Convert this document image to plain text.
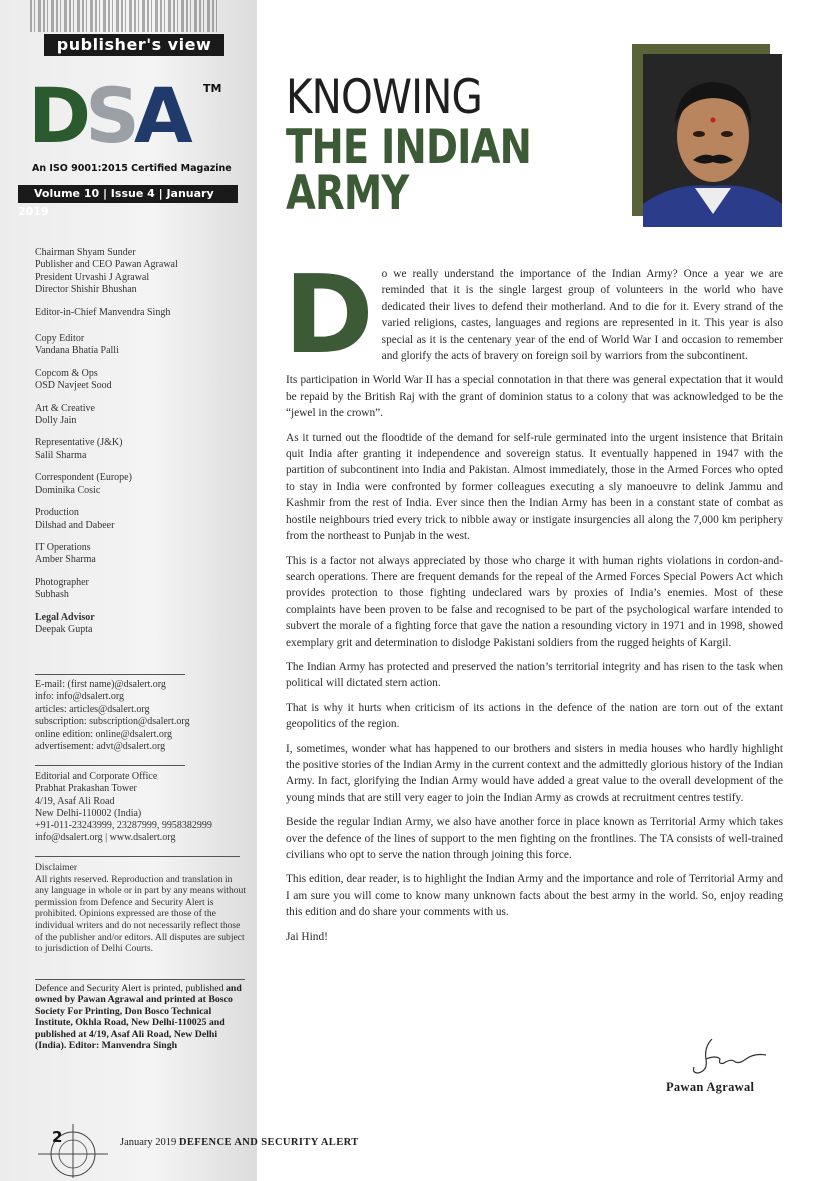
publisher's view
DSA TM
An ISO 9001:2015 Certified Magazine
Volume 10 | Issue 4 | January 2019

Chairman Shyam Sunder

Publisher and CEO Pawan Agrawal

President Urvashi J Agrawal

Director Shishir Bhushan

Editor-in-Chief Manvendra Singh

Copy Editor

Vandana Bhatia Palli

Copcom & Ops

OSD Navjeet Sood

Art & Creative

Dolly Jain

Representative (J&K)

Salil Sharma

Correspondent (Europe)

Dominika Cosic

Production

Dilshad and Dabeer

IT Operations

Amber Sharma

Photographer

Subhash

Legal Advisor

Deepak Gupta

E-mail: (first name)@dsalert.org

info: info@dsalert.org

articles: articles@dsalert.org

subscription: subscription@dsalert.org

online edition: online@dsalert.org

advertisement: advt@dsalert.org

Editorial and Corporate Office

Prabhat Prakashan Tower

4/19, Asaf Ali Road

New Delhi-110002 (India)

+91-011-23243999, 23287999, 9958382999

info@dsalert.org | www.dsalert.org

Disclaimer

All rights reserved. Reproduction and translation in any language in whole or in part by any means without permission from Defence and Security Alert is prohibited. Opinions expressed are those of the individual writers and do not necessarily reflect those of the publisher and/or editors. All disputes are subject to jurisdiction of Delhi Courts.

Defence and Security Alert is printed, published and owned by Pawan Agrawal and printed at Bosco Society For Printing, Don Bosco Technical Institute, Okhla Road, New Delhi-110025 and published at 4/19, Asaf Ali Road, New Delhi (India). Editor: Manvendra Singh
2	January 2019 DEFENCE AND SECURITY ALERT
KNOWING
THE INDIAN
ARMY

Do we really understand the importance of the Indian Army? Once a year we are reminded that it is the single largest group of volunteers in the world who have dedicated their lives to defend their motherland. And to die for it. Every strand of the varied religions, castes, languages and regions are represented in it. This year is also special as it is the centenary year of the end of World War I and occasion to remember and glorify the acts of bravery on foreign soil by warriors from the subcontinent.

Its participation in World War II has a special connotation in that there was general expectation that it would be repaid by the British Raj with the grant of dominion status to a colony that was acknowledged to be the “jewel in the crown”.

As it turned out the floodtide of the demand for self-rule germinated into the urgent insistence that Britain quit India after granting it independence and sovereign status. It eventually happened in 1947 with the partition of subcontinent into India and Pakistan. Almost immediately, those in the Armed Forces who opted to stay in India were confronted by former colleagues executing a sly manoeuvre to delink Jammu and Kashmir from the rest of India. Ever since then the Indian Army has been in a constant state of combat as hostile neighbours tried every trick to nibble away or instigate insurgencies all along the 7,000 km periphery from the northeast to Punjab in the west.

This is a factor not always appreciated by those who charge it with human rights violations in cordon-and-search operations. There are frequent demands for the repeal of the Armed Forces Special Powers Act which provides protection to those fighting undeclared wars by proxies of India’s enemies. Most of these complaints have been proven to be false and recognised to be part of the psychological warfare intended to subvert the morale of a fighting force that gave the nation a resounding victory in 1971 and in 1998, showed exemplary grit and determination to dislodge Pakistani soldiers from the rugged heights of Kargil.

The Indian Army has protected and preserved the nation’s territorial integrity and has risen to the task when political will dictated stern action.

That is why it hurts when criticism of its actions in the defence of the nation are torn out of the extant geopolitics of the region.

I, sometimes, wonder what has happened to our brothers and sisters in media houses who hardly highlight the positive stories of the Indian Army in the current context and the admittedly glorious history of the Indian Army. In fact, glorifying the Indian Army would have added a great value to the overall development of the young minds that are still very eager to join the Indian Army as crowds at recruitment centres testify.

Beside the regular Indian Army, we also have another force in place known as Territorial Army which takes over the defence of the lines of support to the men fighting on the frontlines. The TA consists of well-trained civilians who opt to serve the nation through joining this force.

This edition, dear reader, is to highlight the Indian Army and the importance and role of Territorial Army and I am sure you will come to know many unknown facts about the best army in the world. So, enjoy reading this edition and do share your comments with us.

Jai Hind!

Pawan Agrawal
